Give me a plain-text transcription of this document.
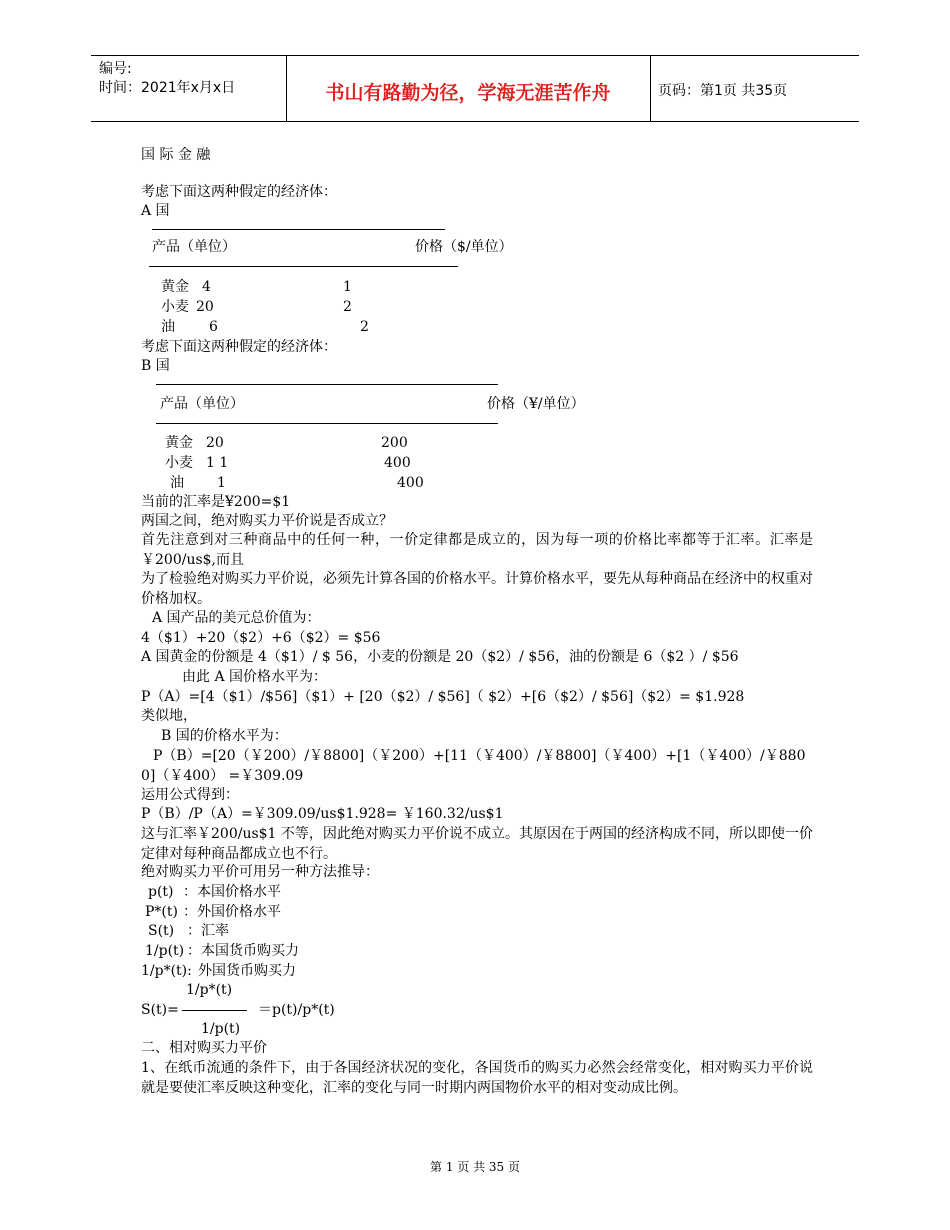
编号:
时间：2021年x月x日	书山有路勤为径，学海无涯苦作舟	页码：第1页 共35页
国 际 金 融
考虑下面这两种假定的经济体：
A 国
产品（单位）	价格（$/单位）
黄金 4	1
小麦 20	2
油 6	2
考虑下面这两种假定的经济体：
B 国
产品（单位）	价格（¥/单位）
黄金 20	200
小麦 1 1	400
油 1	400
当前的汇率是¥200=$1
两国之间，绝对购买力平价说是否成立？
首先注意到对三种商品中的任何一种，一价定律都是成立的，因为每一项的价格比率都等于汇率。汇率是￥200/us$,而且
为了检验绝对购买力平价说，必须先计算各国的价格水平。计算价格水平，要先从每种商品在经济中的权重对价格加权。
A 国产品的美元总价值为：
4（$1）+20（$2）+6（$2）= $56
A 国黄金的份额是 4（$1）/ $ 56，小麦的份额是 20（$2）/ $56，油的份额是 6（$2 ）/ $56
由此 A 国价格水平为：
P（A）=[4（$1）/$56]（$1）+ [20（$2）/ $56]（ $2）+[6（$2）/ $56]（$2）= $1.928
类似地，
B 国的价格水平为：
P（B）=[20（￥200）/￥8800]（￥200）+[11（￥400）/￥8800]（￥400）+[1（￥400）/￥8800]（￥400） =￥309.09
运用公式得到：
P（B）/P（A）=￥309.09/us$1.928= ￥160.32/us$1
这与汇率￥200/us$1 不等，因此绝对购买力平价说不成立。其原因在于两国的经济构成不同，所以即使一价定律对每种商品都成立也不行。
绝对购买力平价可用另一种方法推导：
p(t) ：本国价格水平
P*(t) ：外国价格水平
S(t) ：汇率
1/p(t) ：本国货币购买力
1/p*(t): 外国货币购买力
1/p*(t)
S(t)=	＝p(t)/p*(t)
1/p(t)
二、相对购买力平价
1、在纸币流通的条件下，由于各国经济状况的变化，各国货币的购买力必然会经常变化，相对购买力平价说就是要使汇率反映这种变化，汇率的变化与同一时期内两国物价水平的相对变动成比例。
第 1 页 共 35 页
